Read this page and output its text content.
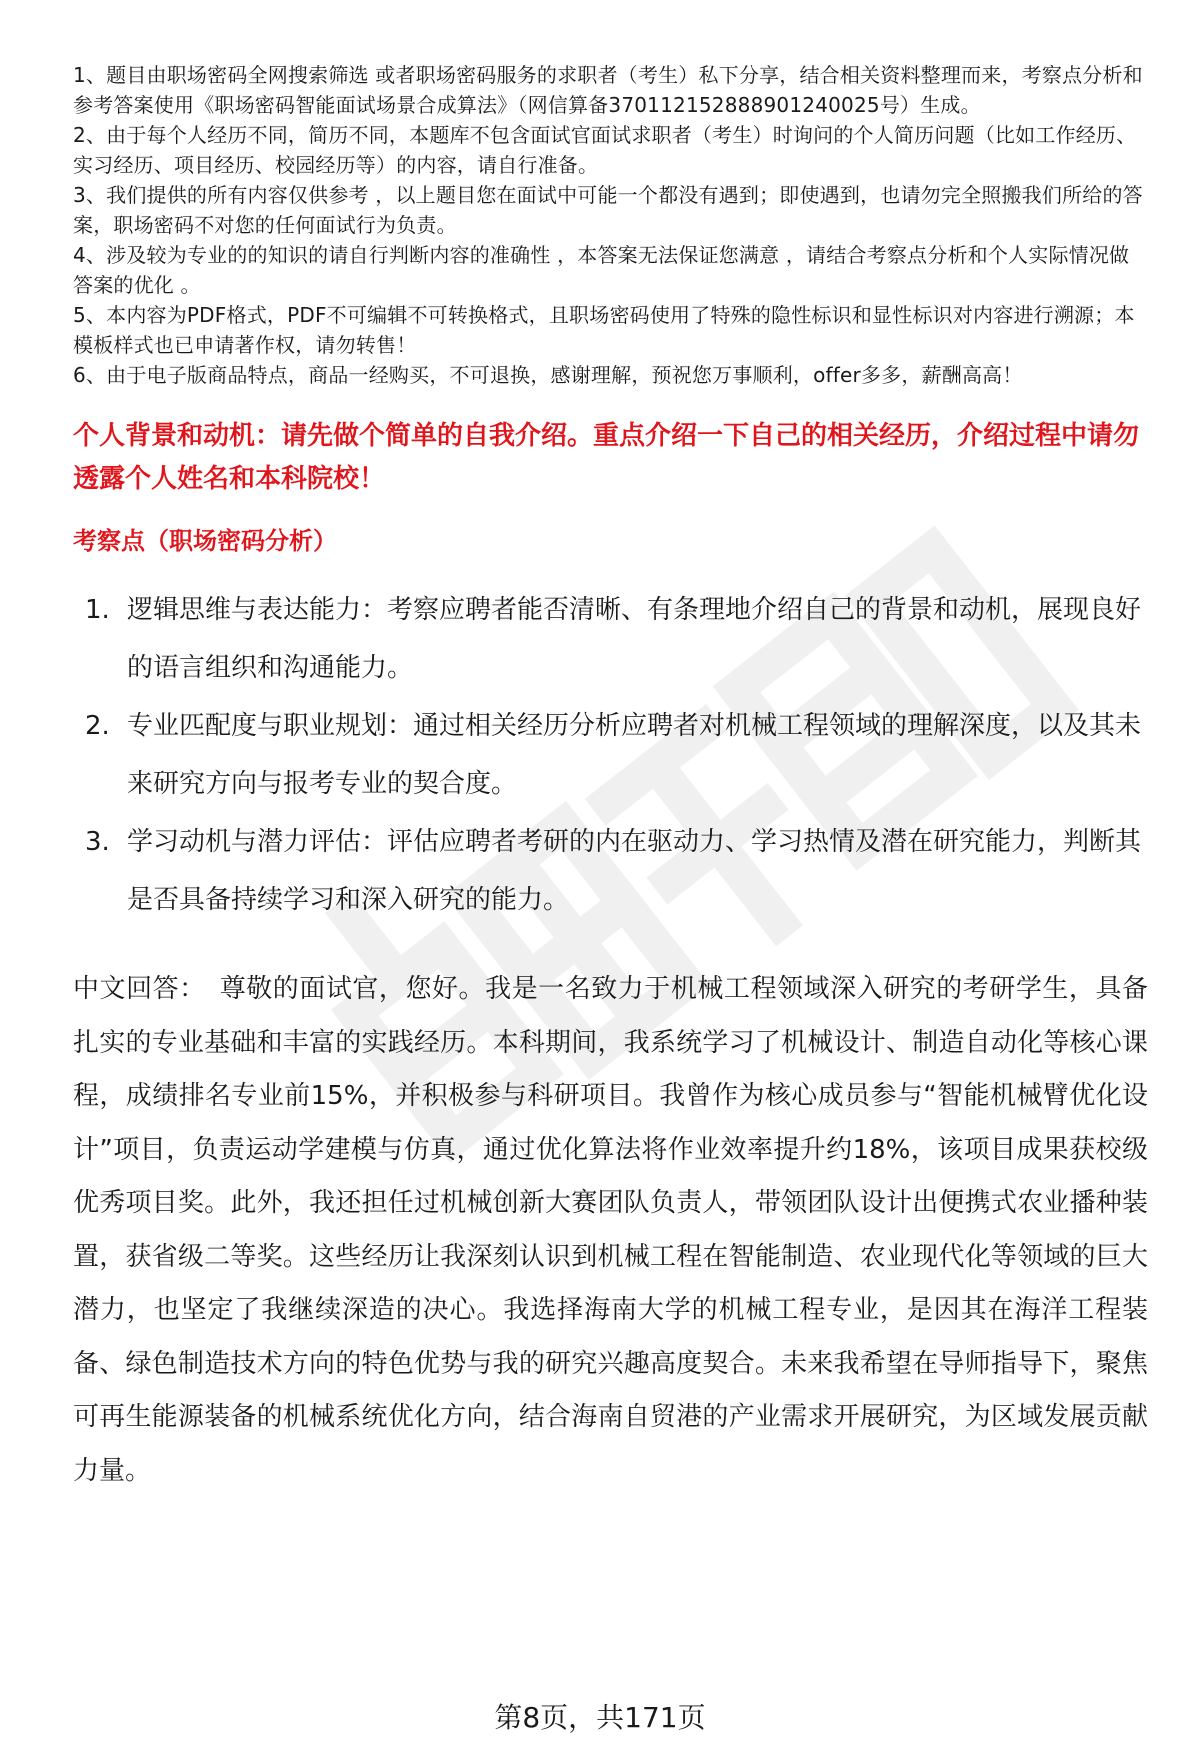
1、题目由职场密码全网搜索筛选 或者职场密码服务的求职者（考生）私下分享，结合相关资料整理而来，考察点分析和参考答案使用《职场密码智能面试场景合成算法》（网信算备370112152888901240025号）生成。
2、由于每个人经历不同，简历不同，本题库不包含面试官面试求职者（考生）时询问的个人简历问题（比如工作经历、实习经历、项目经历、校园经历等）的内容，请自行准备。
3、我们提供的所有内容仅供参考 ，以上题目您在面试中可能一个都没有遇到；即使遇到，也请勿完全照搬我们所给的答案，职场密码不对您的任何面试行为负责。
4、涉及较为专业的的知识的请自行判断内容的准确性 ，本答案无法保证您满意 ，请结合考察点分析和个人实际情况做答案的优化 。
5、本内容为PDF格式，PDF不可编辑不可转换格式，且职场密码使用了特殊的隐性标识和显性标识对内容进行溯源；本模板样式也已申请著作权，请勿转售！
6、由于电子版商品特点，商品一经购买，不可退换，感谢理解，预祝您万事顺利，offer多多，薪酬高高！
个人背景和动机：请先做个简单的自我介绍。重点介绍一下自己的相关经历，介绍过程中请勿透露个人姓名和本科院校！
考察点（职场密码分析）
1. 逻辑思维与表达能力：考察应聘者能否清晰、有条理地介绍自己的背景和动机，展现良好的语言组织和沟通能力。
2. 专业匹配度与职业规划：通过相关经历分析应聘者对机械工程领域的理解深度，以及其未来研究方向与报考专业的契合度。
3. 学习动机与潜力评估：评估应聘者考研的内在驱动力、学习热情及潜在研究能力，判断其是否具备持续学习和深入研究的能力。
中文回答： 尊敬的面试官，您好。我是一名致力于机械工程领域深入研究的考研学生，具备扎实的专业基础和丰富的实践经历。本科期间，我系统学习了机械设计、制造自动化等核心课程，成绩排名专业前15%，并积极参与科研项目。我曾作为核心成员参与“智能机械臂优化设计”项目，负责运动学建模与仿真，通过优化算法将作业效率提升约18%，该项目成果获校级优秀项目奖。此外，我还担任过机械创新大赛团队负责人，带领团队设计出便携式农业播种装置，获省级二等奖。这些经历让我深刻认识到机械工程在智能制造、农业现代化等领域的巨大潜力，也坚定了我继续深造的决心。我选择海南大学的机械工程专业，是因其在海洋工程装备、绿色制造技术方向的特色优势与我的研究兴趣高度契合。未来我希望在导师指导下，聚焦可再生能源装备的机械系统优化方向，结合海南自贸港的产业需求开展研究，为区域发展贡献力量。
第8页，共171页
